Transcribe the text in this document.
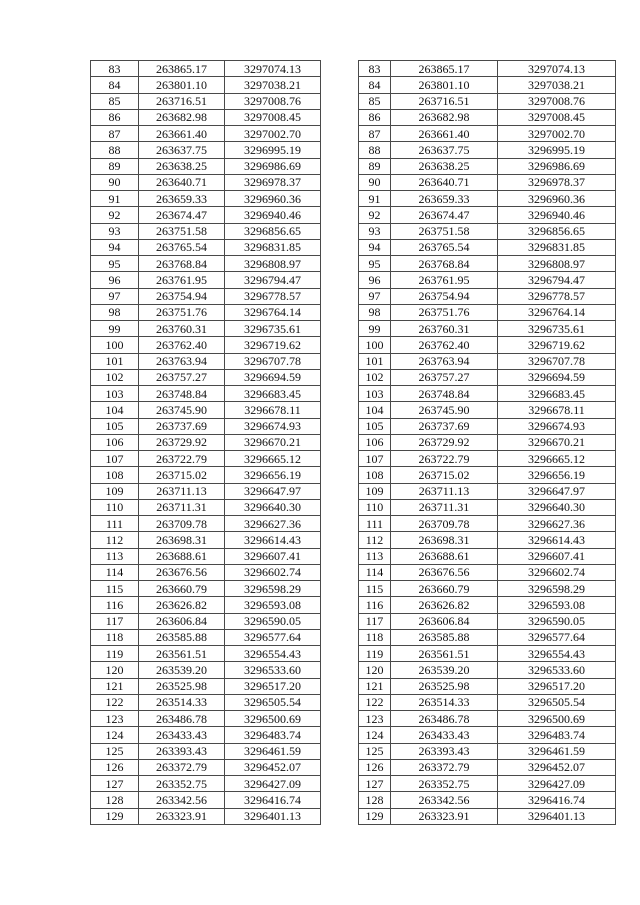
83	263865.17	3297074.13
84	263801.10	3297038.21
85	263716.51	3297008.76
86	263682.98	3297008.45
87	263661.40	3297002.70
88	263637.75	3296995.19
89	263638.25	3296986.69
90	263640.71	3296978.37
91	263659.33	3296960.36
92	263674.47	3296940.46
93	263751.58	3296856.65
94	263765.54	3296831.85
95	263768.84	3296808.97
96	263761.95	3296794.47
97	263754.94	3296778.57
98	263751.76	3296764.14
99	263760.31	3296735.61
100	263762.40	3296719.62
101	263763.94	3296707.78
102	263757.27	3296694.59
103	263748.84	3296683.45
104	263745.90	3296678.11
105	263737.69	3296674.93
106	263729.92	3296670.21
107	263722.79	3296665.12
108	263715.02	3296656.19
109	263711.13	3296647.97
110	263711.31	3296640.30
111	263709.78	3296627.36
112	263698.31	3296614.43
113	263688.61	3296607.41
114	263676.56	3296602.74
115	263660.79	3296598.29
116	263626.82	3296593.08
117	263606.84	3296590.05
118	263585.88	3296577.64
119	263561.51	3296554.43
120	263539.20	3296533.60
121	263525.98	3296517.20
122	263514.33	3296505.54
123	263486.78	3296500.69
124	263433.43	3296483.74
125	263393.43	3296461.59
126	263372.79	3296452.07
127	263352.75	3296427.09
128	263342.56	3296416.74
129	263323.91	3296401.13
83	263865.17	3297074.13
84	263801.10	3297038.21
85	263716.51	3297008.76
86	263682.98	3297008.45
87	263661.40	3297002.70
88	263637.75	3296995.19
89	263638.25	3296986.69
90	263640.71	3296978.37
91	263659.33	3296960.36
92	263674.47	3296940.46
93	263751.58	3296856.65
94	263765.54	3296831.85
95	263768.84	3296808.97
96	263761.95	3296794.47
97	263754.94	3296778.57
98	263751.76	3296764.14
99	263760.31	3296735.61
100	263762.40	3296719.62
101	263763.94	3296707.78
102	263757.27	3296694.59
103	263748.84	3296683.45
104	263745.90	3296678.11
105	263737.69	3296674.93
106	263729.92	3296670.21
107	263722.79	3296665.12
108	263715.02	3296656.19
109	263711.13	3296647.97
110	263711.31	3296640.30
111	263709.78	3296627.36
112	263698.31	3296614.43
113	263688.61	3296607.41
114	263676.56	3296602.74
115	263660.79	3296598.29
116	263626.82	3296593.08
117	263606.84	3296590.05
118	263585.88	3296577.64
119	263561.51	3296554.43
120	263539.20	3296533.60
121	263525.98	3296517.20
122	263514.33	3296505.54
123	263486.78	3296500.69
124	263433.43	3296483.74
125	263393.43	3296461.59
126	263372.79	3296452.07
127	263352.75	3296427.09
128	263342.56	3296416.74
129	263323.91	3296401.13
